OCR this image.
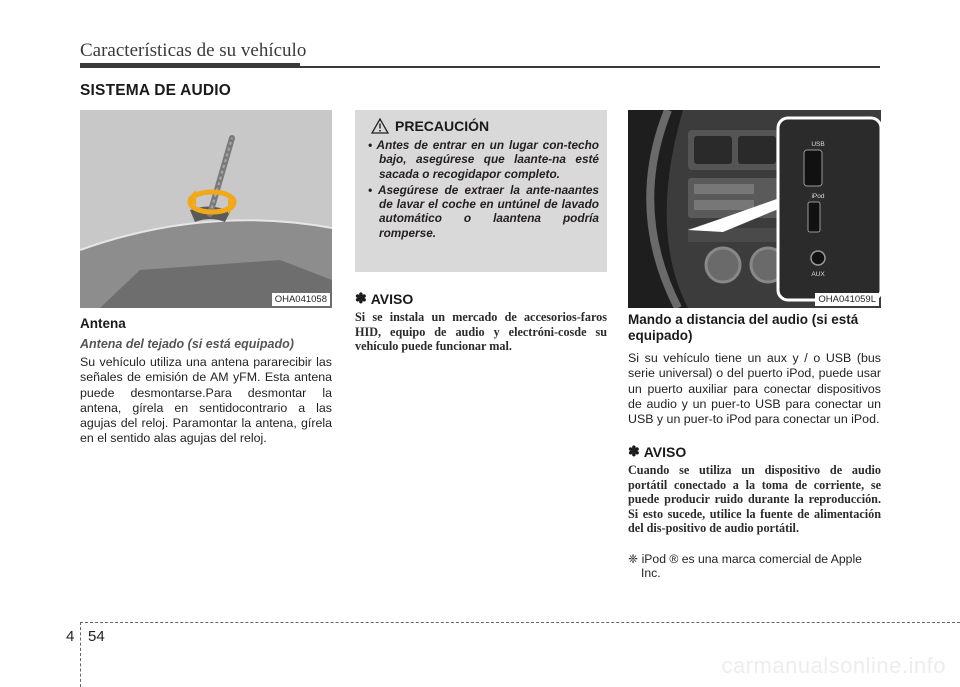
Características de su vehículo
SISTEMA DE AUDIO
OHA041058
Antena
Antena del tejado (si está equipado)
Su vehículo utiliza una antena pararecibir las señales de emisión de AM yFM. Esta antena puede desmontarse.Para desmontar la antena, gírela en sentidocontrario a las agujas del reloj. Paramontar la antena, gírela en el sentido alas agujas del reloj.
PRECAUCIÓN
• Antes de entrar en un lugar con-techo bajo, asegúrese que laante-na esté sacada o recogidapor completo.
• Asegúrese de extraer la ante-naantes de lavar el coche en untúnel de lavado automático o laantena podría romperse.
✽ AVISO
Si se instala un mercado de accesorios-faros HID, equipo de audio y electróni-cosde su vehículo puede funcionar mal.
USB
iPod
AUX
OHA041059L
Mando a distancia del audio (si está equipado)
Si su vehículo tiene un aux y / o USB (bus serie universal) o del puerto iPod, puede usar un puerto auxiliar para conectar dispositivos de audio y un puer-to USB para conectar un USB y un puer-to iPod para conectar un iPod.
✽ AVISO
Cuando se utiliza un dispositivo de audio portátil conectado a la toma de corriente, se puede producir ruido durante la reproducción. Si esto sucede, utilice la fuente de alimentación del dis-positivo de audio portátil.
❈ iPod ® es una marca comercial de Apple Inc.
4 54
carmanualsonline.info
